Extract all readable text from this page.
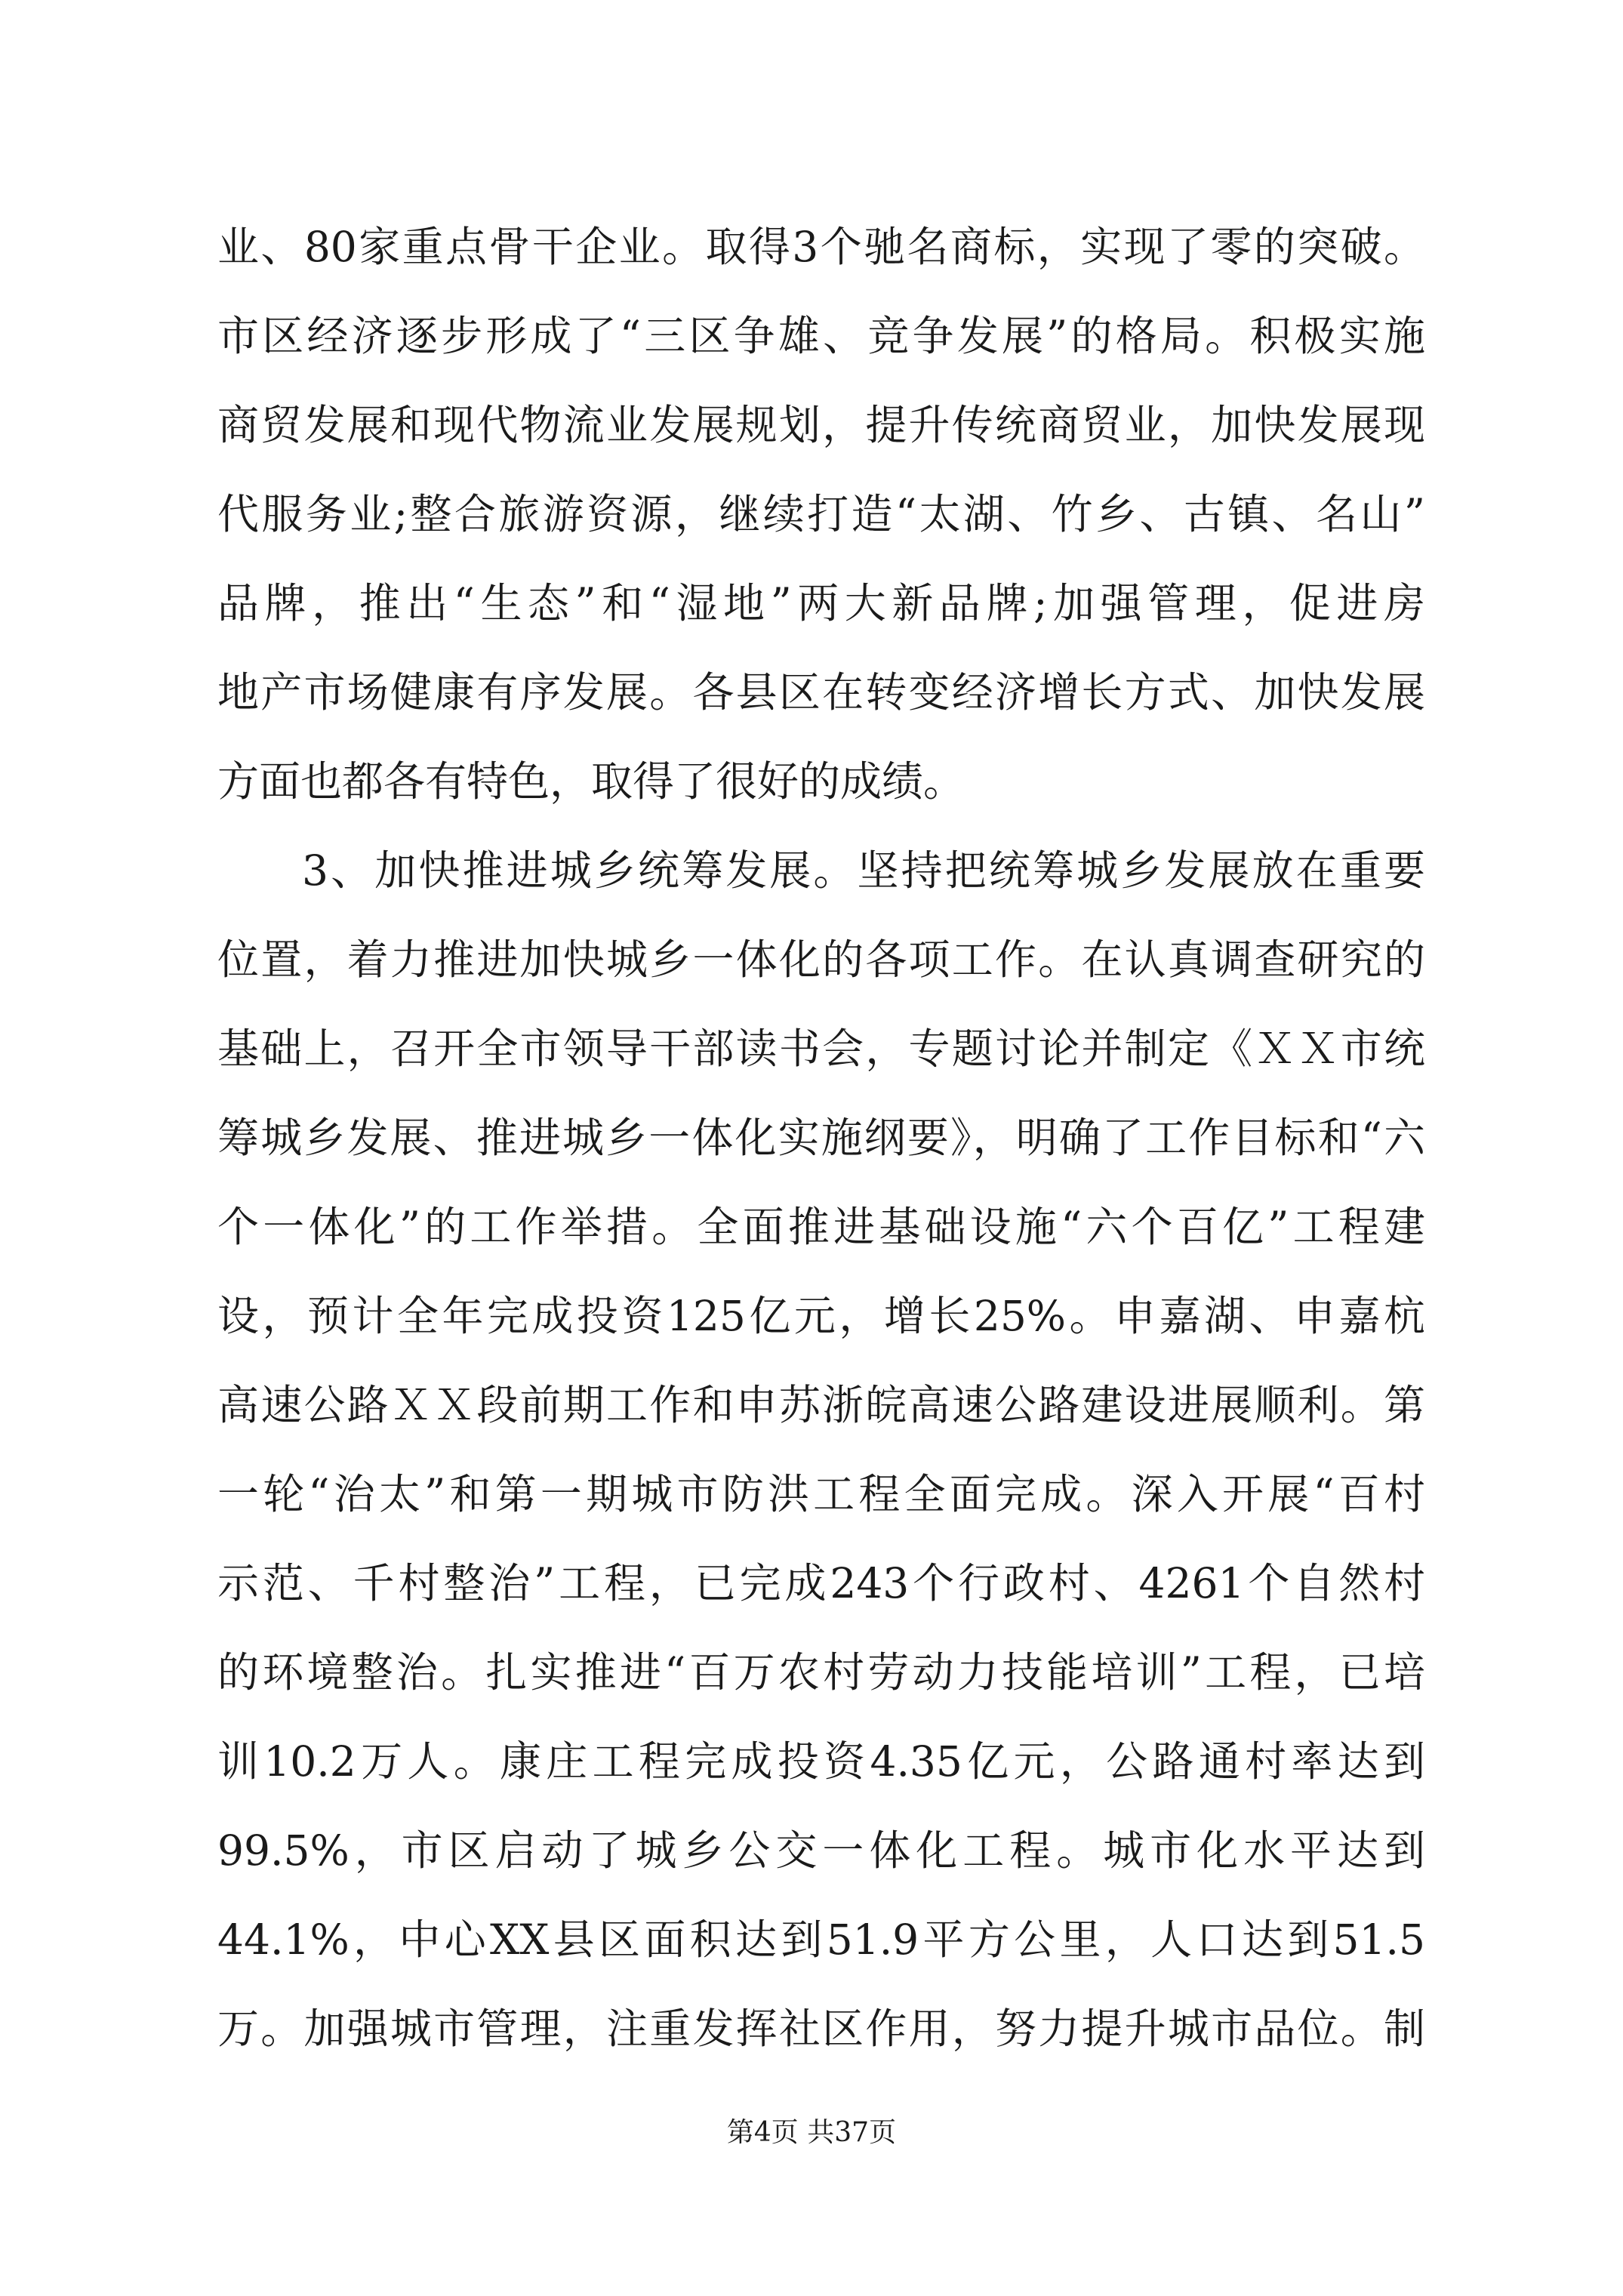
业、80家重点骨干企业。取得3个驰名商标，实现了零的突破。
市区经济逐步形成了“三区争雄、竞争发展”的格局。积极实施
商贸发展和现代物流业发展规划，提升传统商贸业，加快发展现
代服务业;整合旅游资源，继续打造“太湖、竹乡、古镇、名山”
品牌，推出“生态”和“湿地”两大新品牌;加强管理，促进房
地产市场健康有序发展。各县区在转变经济增长方式、加快发展
方面也都各有特色，取得了很好的成绩。
3、加快推进城乡统筹发展。坚持把统筹城乡发展放在重要
位置，着力推进加快城乡一体化的各项工作。在认真调查研究的
基础上，召开全市领导干部读书会，专题讨论并制定《ＸＸ市统
筹城乡发展、推进城乡一体化实施纲要》，明确了工作目标和“六
个一体化”的工作举措。全面推进基础设施“六个百亿”工程建
设，预计全年完成投资125亿元，增长25%。申嘉湖、申嘉杭
高速公路ＸＸ段前期工作和申苏浙皖高速公路建设进展顺利。第
一轮“治太”和第一期城市防洪工程全面完成。深入开展“百村
示范、千村整治”工程，已完成243个行政村、4261个自然村
的环境整治。扎实推进“百万农村劳动力技能培训”工程，已培
训10.2万人。康庄工程完成投资4.35亿元，公路通村率达到
99.5%，市区启动了城乡公交一体化工程。城市化水平达到
44.1%，中心XX县区面积达到51.9平方公里，人口达到51.5
万。加强城市管理，注重发挥社区作用，努力提升城市品位。制
第4页 共37页
